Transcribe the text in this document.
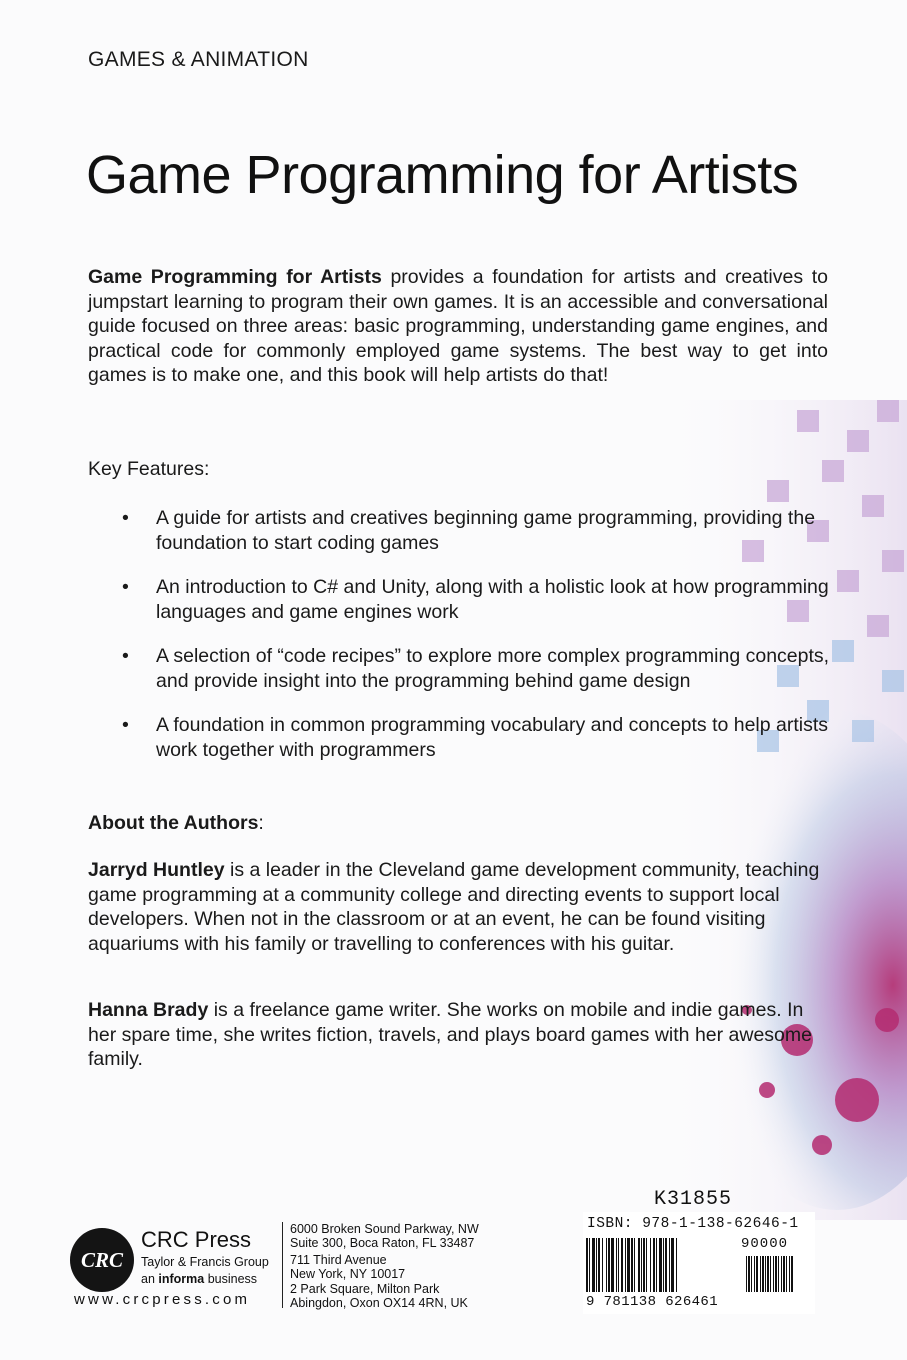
GAMES & ANIMATION
Game Programming for Artists

Game Programming for Artists provides a foundation for artists and creatives to jumpstart learning to program their own games. It is an accessible and conversational guide focused on three areas: basic programming, understanding game engines, and practical code for commonly employed game systems. The best way to get into games is to make one, and this book will help artists do that!

Key Features:
• A guide for artists and creatives beginning game programming, providing the foundation to start coding games
• An introduction to C# and Unity, along with a holistic look at how programming languages and game engines work
• A selection of “code recipes” to explore more complex programming concepts, and provide insight into the programming behind game design
• A foundation in common programming vocabulary and concepts to help artists work together with programmers
About the Authors:

Jarryd Huntley is a leader in the Cleveland game development community, teaching game programming at a community college and directing events to support local developers. When not in the classroom or at an event, he can be found visiting aquariums with his family or travelling to conferences with his guitar.

Hanna Brady is a freelance game writer. She works on mobile and indie games. In her spare time, she writes fiction, travels, and plays board games with her awesome family.

CRC
CRC Press
Taylor & Francis Group
an informa business
www.crcpress.com

6000 Broken Sound Parkway, NW
Suite 300, Boca Raton, FL 33487

711 Third Avenue
New York, NY 10017

2 Park Square, Milton Park
Abingdon, Oxon OX14 4RN, UK

K31855
ISBN: 978-1-138-62646-1
90000
9 781138 626461
